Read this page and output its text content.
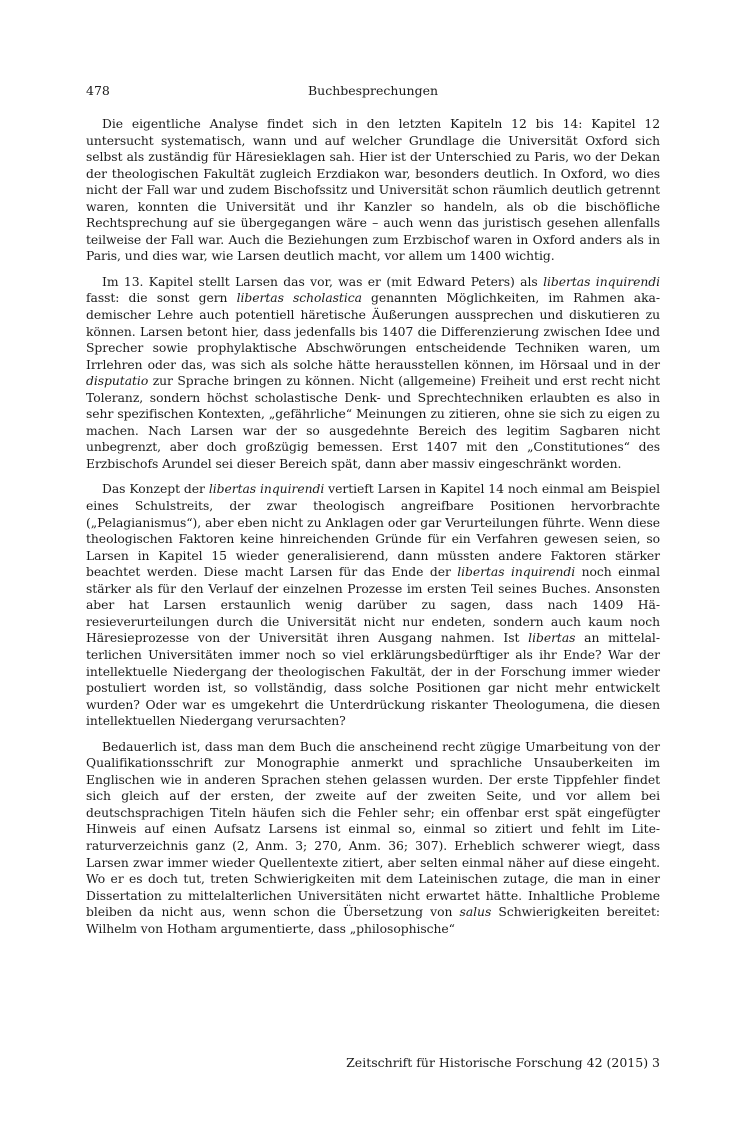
478	Buchbesprechungen

Die eigentliche Analyse findet sich in den letzten Kapiteln 12 bis 14: Kapitel 12 untersucht systematisch, wann und auf welcher Grundlage die Universität Oxford sich selbst als zuständig für Häresieklagen sah. Hier ist der Unterschied zu Paris, wo der Dekan der theologischen Fakultät zugleich Erzdiakon war, besonders deutlich. In Oxford, wo dies nicht der Fall war und zudem Bischofssitz und Universität schon räumlich deutlich getrennt waren, konnten die Universität und ihr Kanzler so handeln, als ob die bischöfliche Rechtsprechung auf sie übergegangen wäre – auch wenn das juristisch gesehen allenfalls teilweise der Fall war. Auch die Beziehungen zum Erzbischof waren in Oxford anders als in Paris, und dies war, wie Larsen deutlich macht, vor allem um 1400 wichtig.

Im 13. Kapitel stellt Larsen das vor, was er (mit Edward Peters) als libertas inquirendi fasst: die sonst gern libertas scholastica genannten Möglichkeiten, im Rahmen akademischer Lehre auch potentiell häretische Äußerungen aussprechen und diskutieren zu können. Larsen betont hier, dass jedenfalls bis 1407 die Differenzierung zwischen Idee und Sprecher sowie prophylaktische Abschwörungen entscheidende Techniken waren, um Irrlehren oder das, was sich als solche hätte herausstellen können, im Hörsaal und in der disputatio zur Sprache bringen zu können. Nicht (allgemeine) Freiheit und erst recht nicht Toleranz, sondern höchst scholastische Denk- und Sprechtechniken erlaubten es also in sehr spezifischen Kontexten, „gefährliche“ Meinungen zu zitieren, ohne sie sich zu eigen zu machen. Nach Larsen war der so ausgedehnte Bereich des legitim Sagbaren nicht unbegrenzt, aber doch großzügig bemessen. Erst 1407 mit den „Constitutiones“ des Erzbischofs Arundel sei dieser Bereich spät, dann aber massiv eingeschränkt worden.

Das Konzept der libertas inquirendi vertieft Larsen in Kapitel 14 noch einmal am Beispiel eines Schulstreits, der zwar theologisch angreifbare Positionen hervorbrachte („Pelagianismus“), aber eben nicht zu Anklagen oder gar Verurteilungen führte. Wenn diese theologischen Faktoren keine hinreichenden Gründe für ein Verfahren gewesen seien, so Larsen in Kapitel 15 wieder generalisierend, dann müssten andere Faktoren stärker beachtet werden. Diese macht Larsen für das Ende der libertas inquirendi noch einmal stärker als für den Verlauf der einzelnen Prozesse im ersten Teil seines Buches. Ansonsten aber hat Larsen erstaunlich wenig darüber zu sagen, dass nach 1409 Häresieverurteilungen durch die Universität nicht nur endeten, sondern auch kaum noch Häresieprozesse von der Universität ihren Ausgang nahmen. Ist libertas an mittelalterlichen Universitäten immer noch so viel erklärungsbedürftiger als ihr Ende? War der intellektuelle Niedergang der theologischen Fakultät, der in der Forschung immer wieder postuliert worden ist, so vollständig, dass solche Positionen gar nicht mehr entwickelt wurden? Oder war es umgekehrt die Unterdrückung riskanter Theologumena, die diesen intellektuellen Niedergang verursachten?

Bedauerlich ist, dass man dem Buch die anscheinend recht zügige Umarbeitung von der Qualifikationsschrift zur Monographie anmerkt und sprachliche Unsauberkeiten im Englischen wie in anderen Sprachen stehen gelassen wurden. Der erste Tippfehler findet sich gleich auf der ersten, der zweite auf der zweiten Seite, und vor allem bei deutschsprachigen Titeln häufen sich die Fehler sehr; ein offenbar erst spät eingefügter Hinweis auf einen Aufsatz Larsens ist einmal so, einmal so zitiert und fehlt im Literaturverzeichnis ganz (2, Anm. 3; 270, Anm. 36; 307). Erheblich schwerer wiegt, dass Larsen zwar immer wieder Quellentexte zitiert, aber selten einmal näher auf diese eingeht. Wo er es doch tut, treten Schwierigkeiten mit dem Lateinischen zutage, die man in einer Dissertation zu mittelalterlichen Universitäten nicht erwartet hätte. Inhaltliche Probleme bleiben da nicht aus, wenn schon die Übersetzung von salus Schwierigkeiten bereitet: Wilhelm von Hotham argumentierte, dass „philosophische“

Zeitschrift für Historische Forschung 42 (2015) 3
